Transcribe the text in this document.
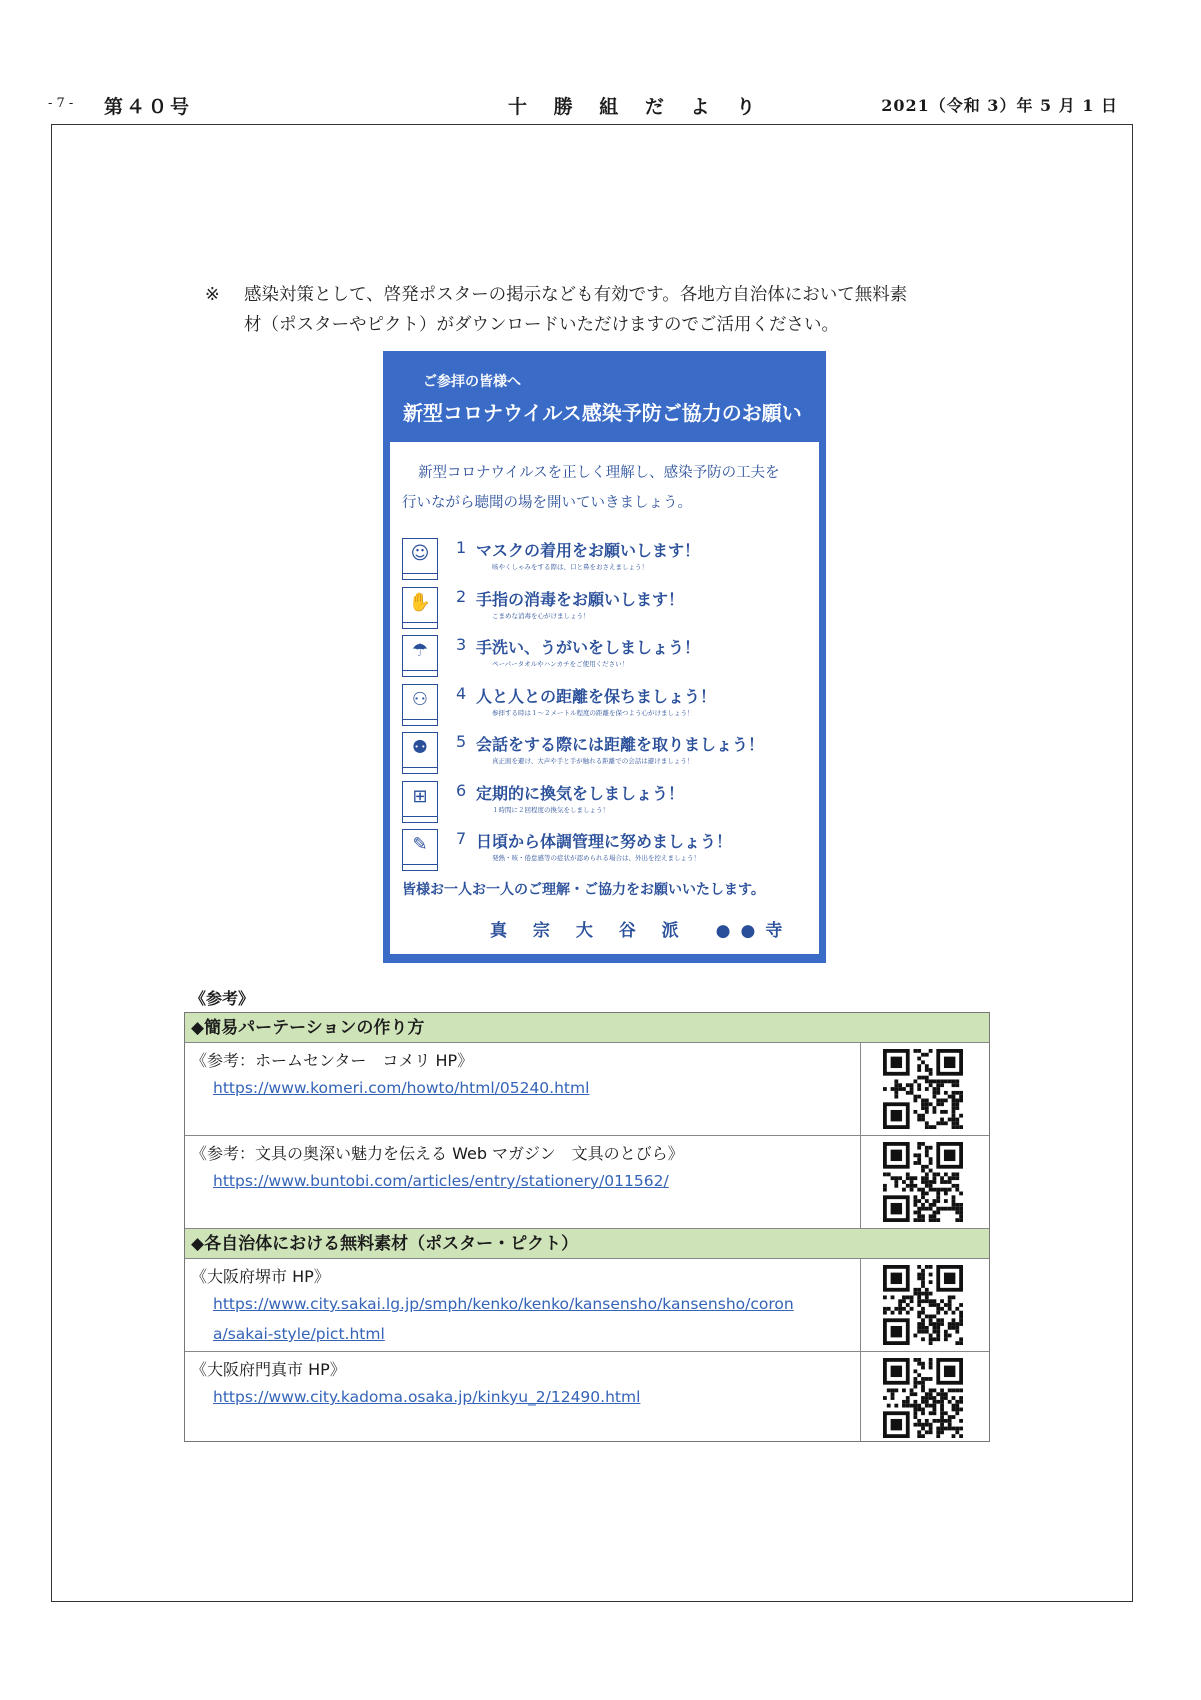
- 7 - 第４０号	十 勝 組 だ よ り	2021（令和 3）年 5 月 1 日
※ 感染対策として、啓発ポスターの掲示なども有効です。各地方自治体において無料素
材（ポスターやピクト）がダウンロードいただけますのでご活用ください。
ご参拝の皆様へ
新型コロナウイルス感染予防ご協力のお願い
新型コロナウイルスを正しく理解し、感染予防の工夫を
行いながら聴聞の場を開いていきましょう。
☺	1 マスクの着用をお願いします！
咳やくしゃみをする際は、口と鼻をおさえましょう！
✋	2 手指の消毒をお願いします！
こまめな消毒を心がけましょう！
☂	3 手洗い、うがいをしましょう！
ペーパータオルやハンカチをご使用ください！
⚇	4 人と人との距離を保ちましょう！
参拝する時は１～２メートル程度の距離を保つよう心がけましょう！
⚉	5 会話をする際には距離を取りましょう！
真正面を避け、大声や手と手が触れる距離での会話は避けましょう！
⊞	6 定期的に換気をしましょう！
１時間に２回程度の換気をしましょう！
✎	7 日頃から体調管理に努めましょう！
発熱・咳・倦怠感等の症状が認められる場合は、外出を控えましょう！
皆様お一人お一人のご理解・ご協力をお願いいたします。
真 宗 大 谷 派　●●寺
《参考》
◆簡易パーテーションの作り方
《参考：ホームセンター　コメリ HP》
https://www.komeri.com/howto/html/05240.html
《参考：文具の奥深い魅力を伝える Web マガジン　文具のとびら》
https://www.buntobi.com/articles/entry/stationery/011562/
◆各自治体における無料素材（ポスター・ピクト）
《大阪府堺市 HP》
https://www.city.sakai.lg.jp/smph/kenko/kenko/kansensho/kansensho/coron
a/sakai-style/pict.html
《大阪府門真市 HP》
https://www.city.kadoma.osaka.jp/kinkyu_2/12490.html
